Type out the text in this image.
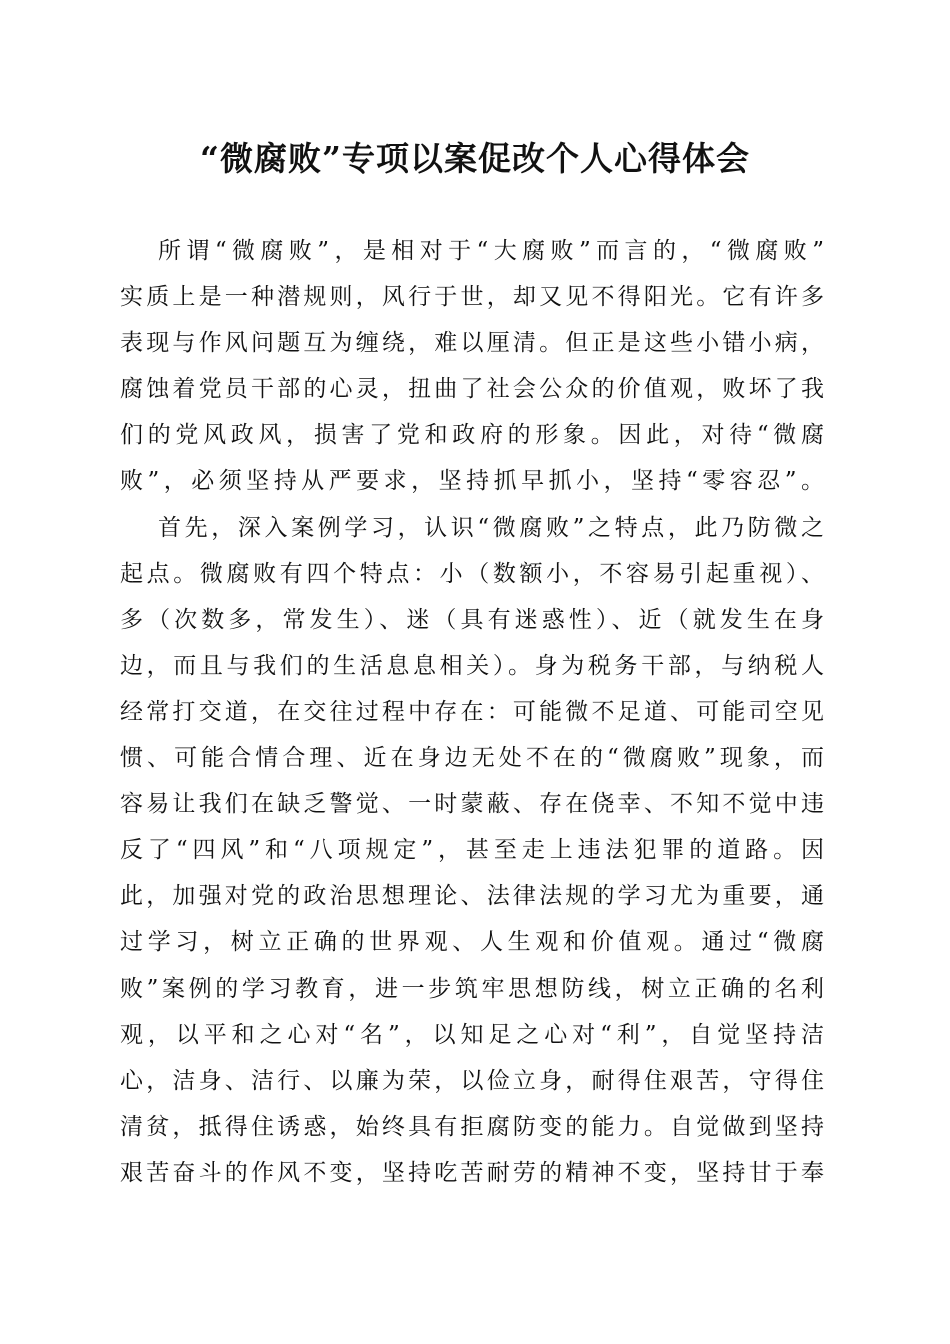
“微腐败”专项以案促改个人心得体会
所谓“微腐败”，是相对于“大腐败”而言的，“微腐败”
实质上是一种潜规则，风行于世，却又见不得阳光。它有许多
表现与作风问题互为缠绕，难以厘清。但正是这些小错小病，
腐蚀着党员干部的心灵，扭曲了社会公众的价值观，败坏了我
们的党风政风，损害了党和政府的形象。因此，对待“微腐
败”，必须坚持从严要求，坚持抓早抓小，坚持“零容忍”。
首先，深入案例学习，认识“微腐败”之特点，此乃防微之
起点。微腐败有四个特点：小（数额小，不容易引起重视）、
多（次数多，常发生）、迷（具有迷惑性）、近（就发生在身
边，而且与我们的生活息息相关）。身为税务干部，与纳税人
经常打交道，在交往过程中存在：可能微不足道、可能司空见
惯、可能合情合理、近在身边无处不在的“微腐败”现象，而
容易让我们在缺乏警觉、一时蒙蔽、存在侥幸、不知不觉中违
反了“四风”和“八项规定”，甚至走上违法犯罪的道路。因
此，加强对党的政治思想理论、法律法规的学习尤为重要，通
过学习，树立正确的世界观、人生观和价值观。通过“微腐
败”案例的学习教育，进一步筑牢思想防线，树立正确的名利
观，以平和之心对“名”，以知足之心对“利”，自觉坚持洁
心，洁身、洁行、以廉为荣，以俭立身，耐得住艰苦，守得住
清贫，抵得住诱惑，始终具有拒腐防变的能力。自觉做到坚持
艰苦奋斗的作风不变，坚持吃苦耐劳的精神不变，坚持甘于奉
